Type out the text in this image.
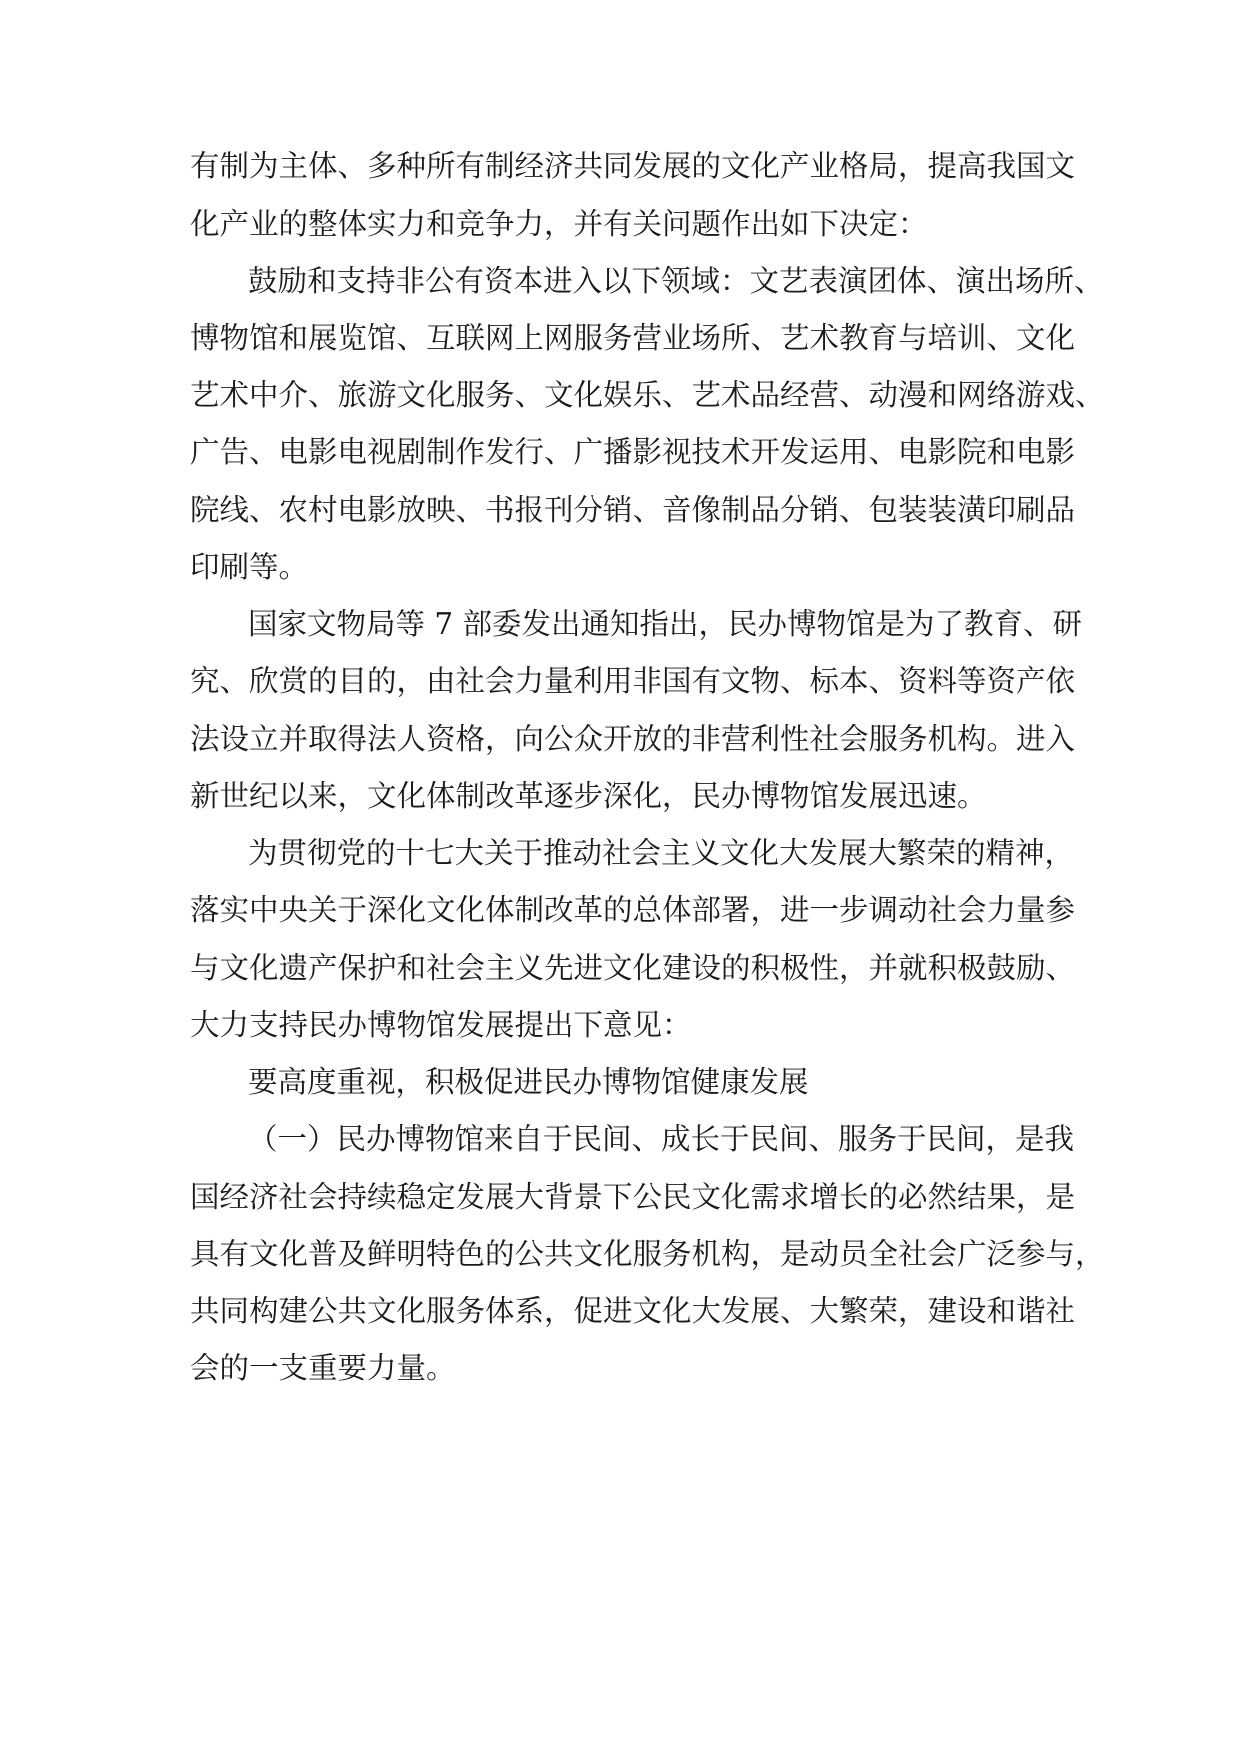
有制为主体、多种所有制经济共同发展的文化产业格局，提高我国文
化产业的整体实力和竞争力，并有关问题作出如下决定：
鼓励和支持非公有资本进入以下领域：文艺表演团体、演出场所、
博物馆和展览馆、互联网上网服务营业场所、艺术教育与培训、文化
艺术中介、旅游文化服务、文化娱乐、艺术品经营、动漫和网络游戏、
广告、电影电视剧制作发行、广播影视技术开发运用、电影院和电影
院线、农村电影放映、书报刊分销、音像制品分销、包装装潢印刷品
印刷等。
国家文物局等 7 部委发出通知指出，民办博物馆是为了教育、研
究、欣赏的目的，由社会力量利用非国有文物、标本、资料等资产依
法设立并取得法人资格，向公众开放的非营利性社会服务机构。进入
新世纪以来，文化体制改革逐步深化，民办博物馆发展迅速。
为贯彻党的十七大关于推动社会主义文化大发展大繁荣的精神，
落实中央关于深化文化体制改革的总体部署，进一步调动社会力量参
与文化遗产保护和社会主义先进文化建设的积极性，并就积极鼓励、
大力支持民办博物馆发展提出下意见：
要高度重视，积极促进民办博物馆健康发展
（一）民办博物馆来自于民间、成长于民间、服务于民间，是我
国经济社会持续稳定发展大背景下公民文化需求增长的必然结果，是
具有文化普及鲜明特色的公共文化服务机构，是动员全社会广泛参与，
共同构建公共文化服务体系，促进文化大发展、大繁荣，建设和谐社
会的一支重要力量。
